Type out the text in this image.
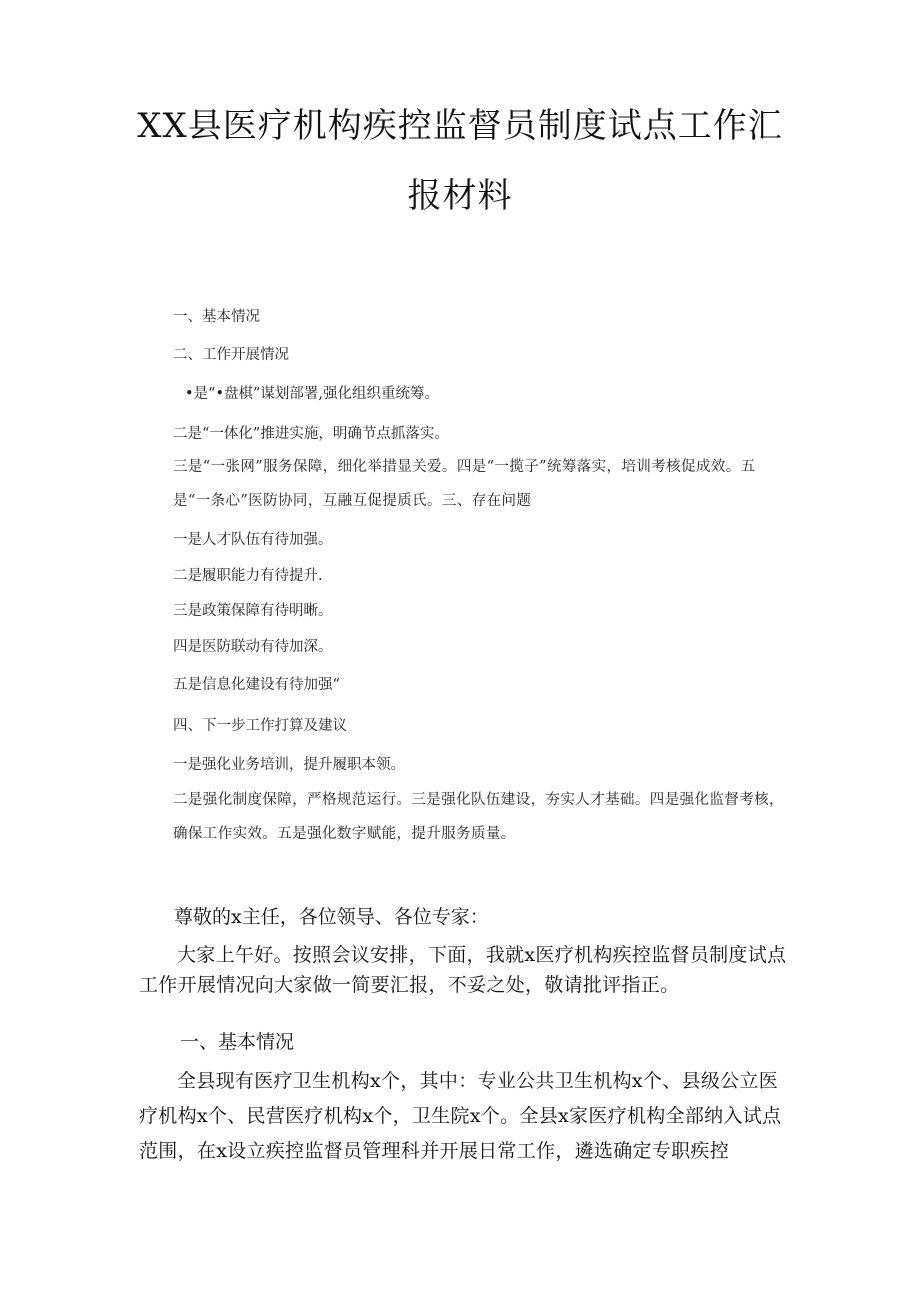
XX县医疗机构疾控监督员制度试点工作汇
报材料
一、基本情况
二、工作开展情况
•是“•盘棋”谋划部署,强化组织重统筹。
二是“一体化”推进实施，明确节点抓落实。
三是“一张网”服务保障，细化举措显关爱。四是“一揽子”统筹落实，培训考核促成效。五是“一条心”医防协同，互融互促提质氏。三、存在问题
一是人才队伍有待加强。
二是履职能力有待提升.
三是政策保障有待明晰。
四是医防联动有待加深。
五是信息化建设有待加强“
四、下一步工作打算及建议
一是强化业务培训，提升履职本领。
二是强化制度保障，严格规范运行。三是强化队伍建设，夯实人才基础。四是强化监督考核，确保工作实效。五是强化数字赋能，提升服务质量。
尊敬的x主任，各位领导、各位专家：
大家上午好。按照会议安排，下面，我就x医疗机构疾控监督员制度试点工作开展情况向大家做一简要汇报，不妥之处，敬请批评指正。
一、基本情况
全县现有医疗卫生机构x个，其中：专业公共卫生机构x个、县级公立医疗机构x个、民营医疗机构x个，卫生院x个。全县x家医疗机构全部纳入试点范围，在x设立疾控监督员管理科并开展日常工作，遴选确定专职疾控
